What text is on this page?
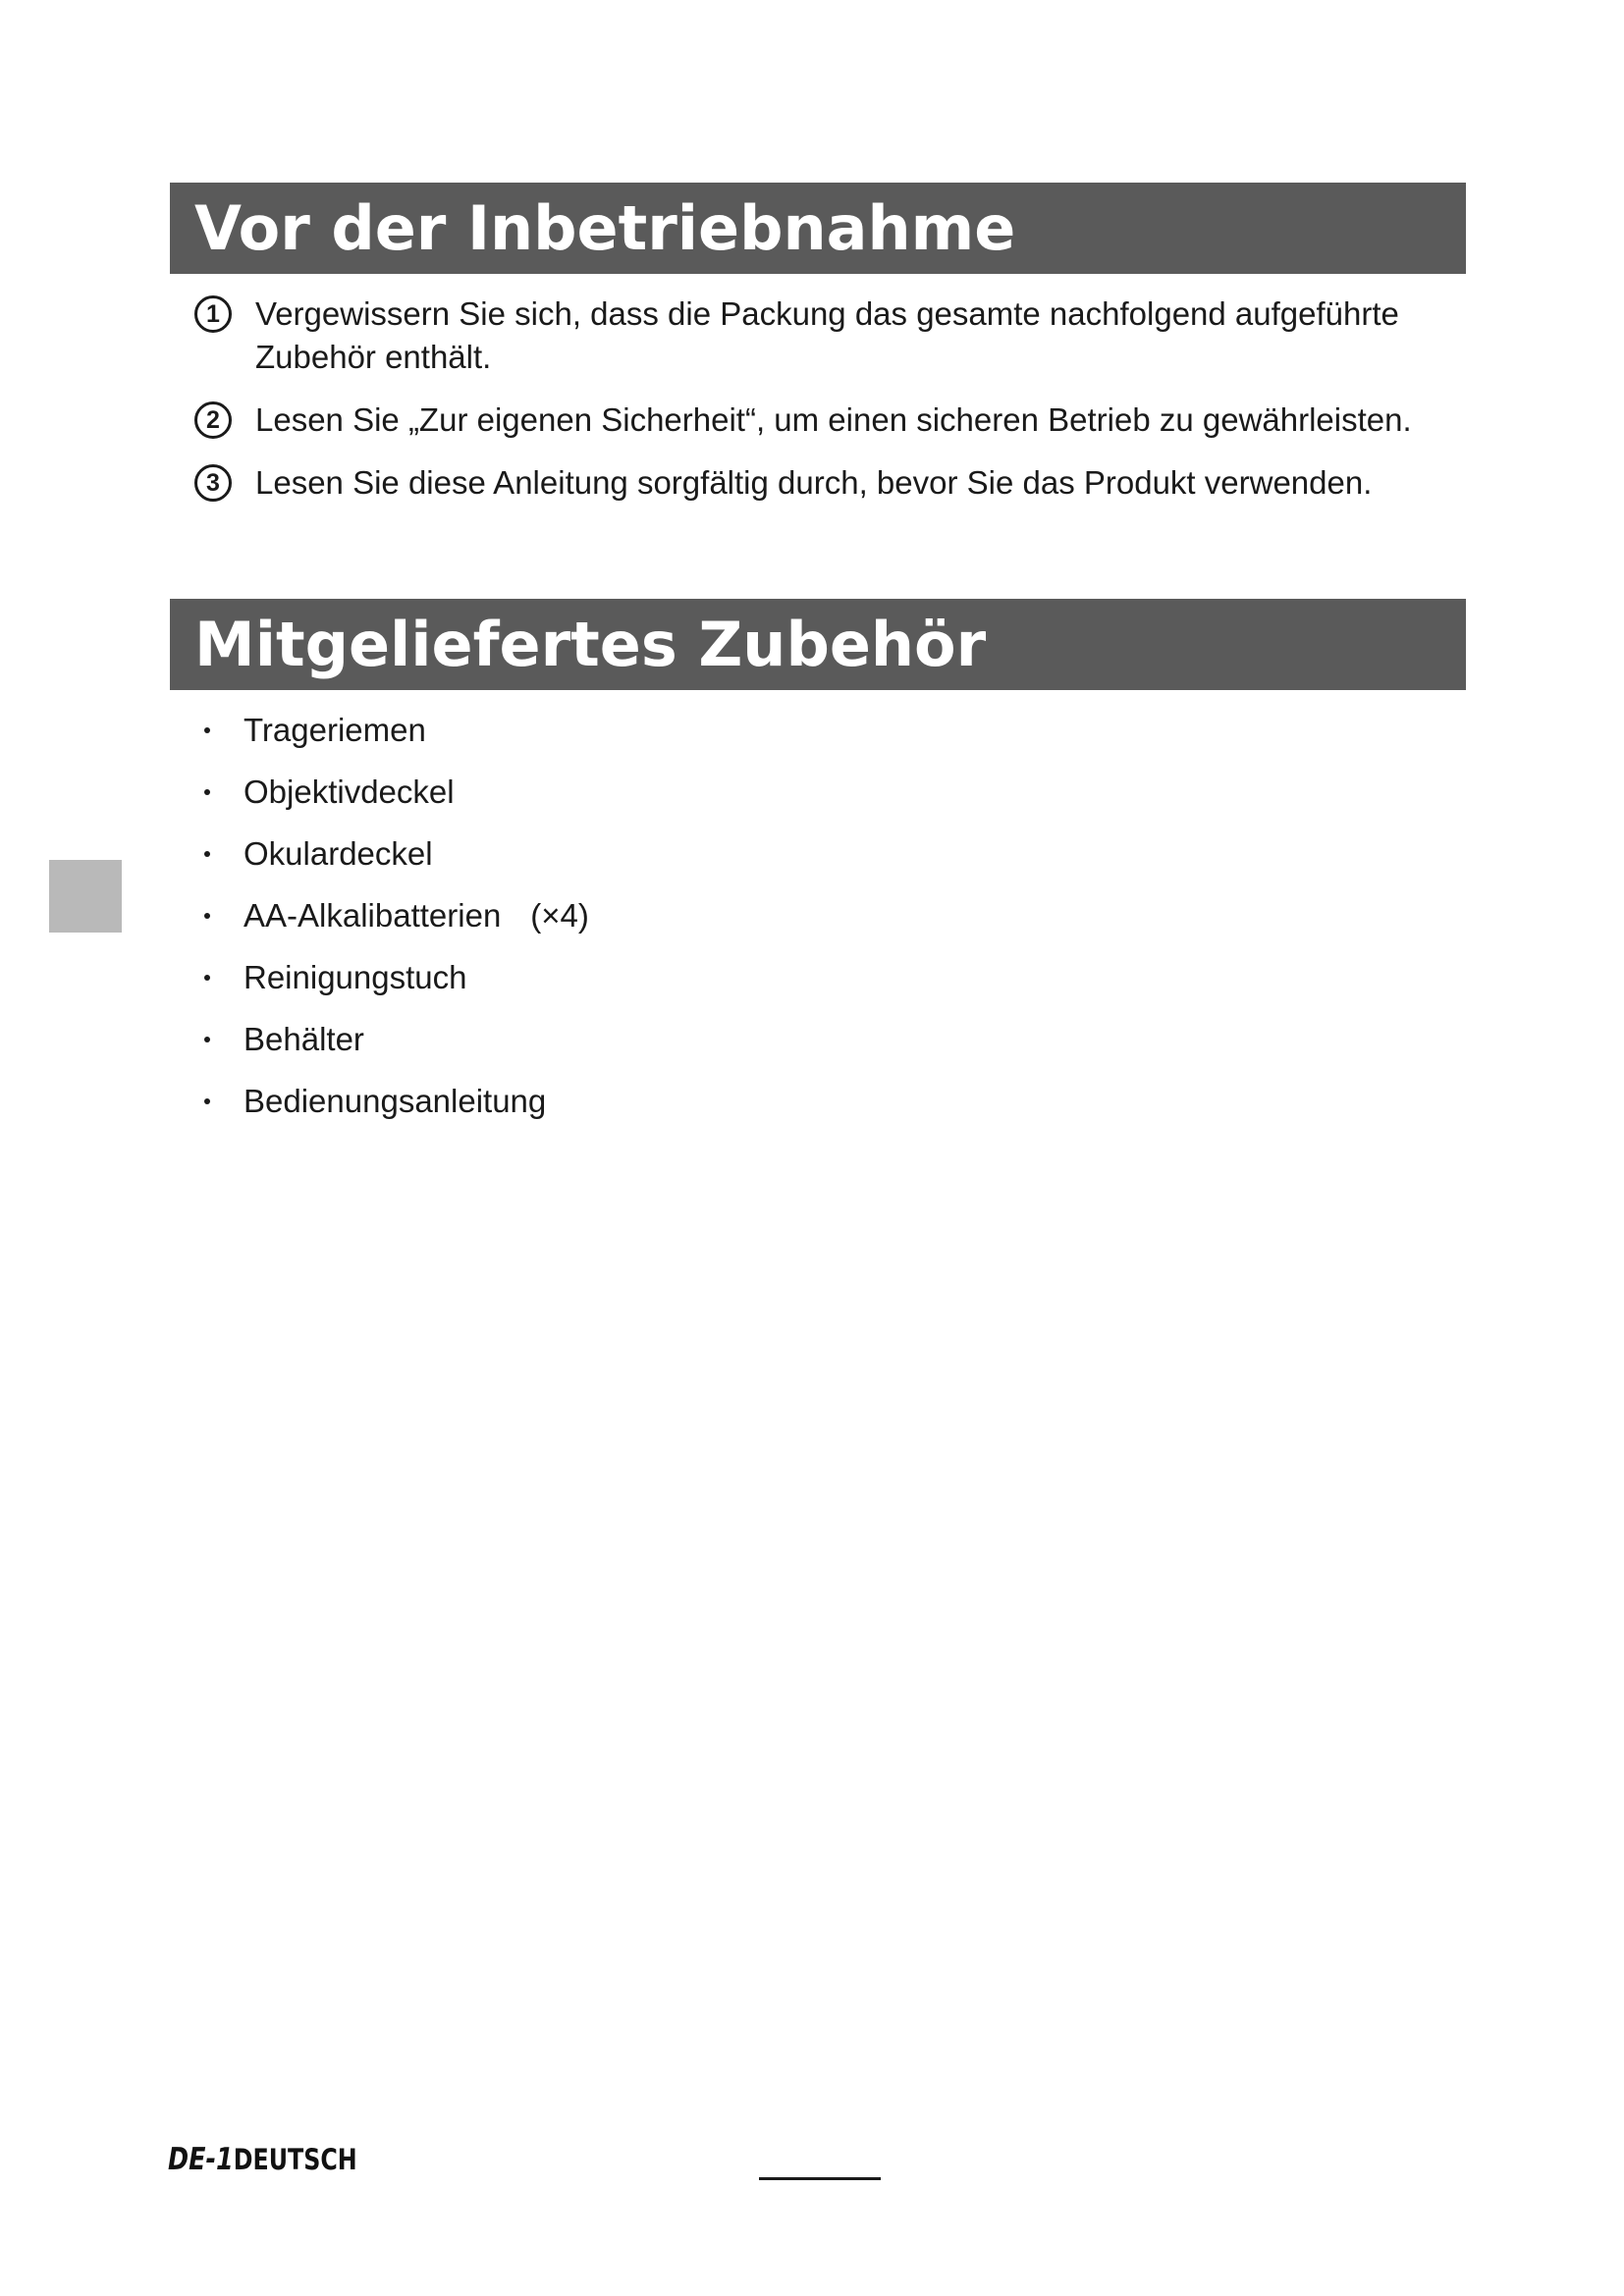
Vor der Inbetriebnahme
1	Vergewissern Sie sich, dass die Packung das gesamte nachfolgend aufgeführte Zubehör enthält.
2	Lesen Sie „Zur eigenen Sicherheit“, um einen sicheren Betrieb zu gewährleisten.
3	Lesen Sie diese Anleitung sorgfältig durch, bevor Sie das Produkt verwenden.
Mitgeliefertes Zubehör
Trageriemen
Objektivdeckel
Okulardeckel
AA-Alkalibatterien (×4)
Reinigungstuch
Behälter
Bedienungsanleitung
DE-1DEUTSCH
